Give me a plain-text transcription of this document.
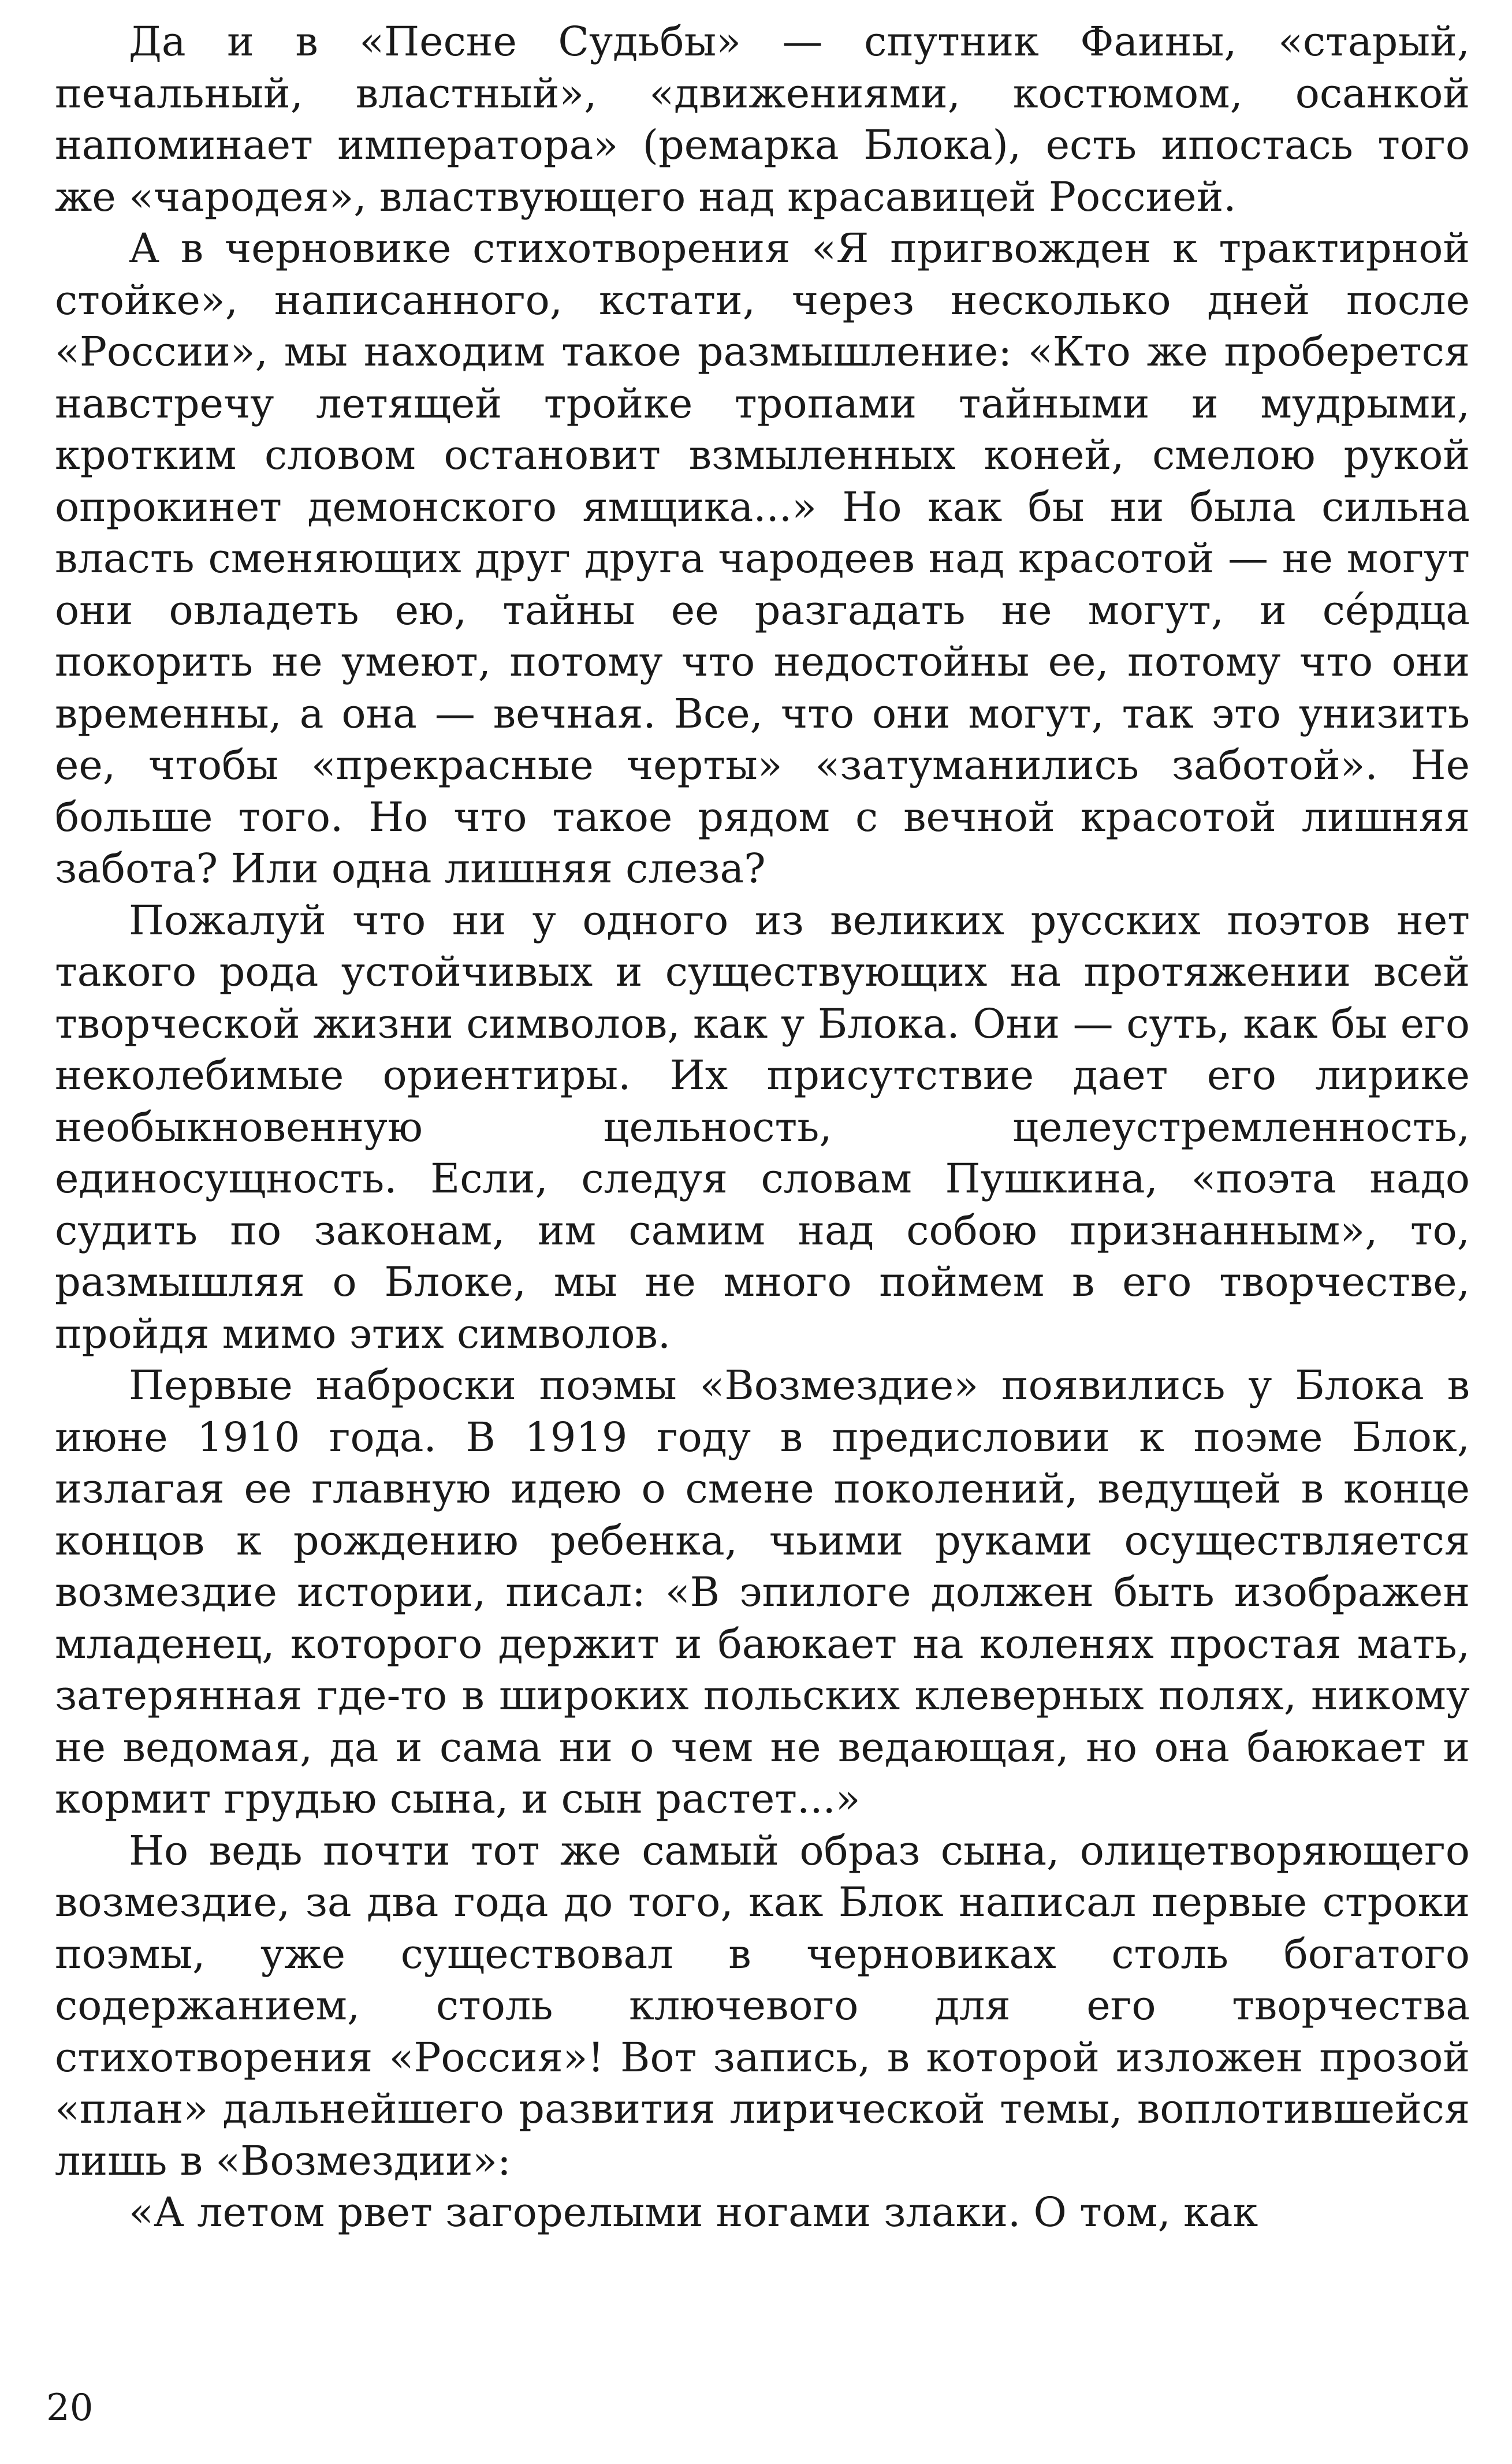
Да и в «Песне Судьбы» — спутник Фаины, «старый, печальный, властный», «движениями, костюмом, осанкой напоминает императора» (ремарка Блока), есть ипостась того же «чародея», властвующего над красавицей Россией.

А в черновике стихотворения «Я пригвожден к трактирной стойке», написанного, кстати, через несколько дней после «России», мы находим такое размышление: «Кто же проберется навстречу летящей тройке тропами тайными и мудрыми, кротким словом остановит взмыленных коней, смелою рукой опрокинет демонского ямщика...» Но как бы ни была сильна власть сменяющих друг друга чародеев над красотой — не могут они овладеть ею, тайны ее разгадать не могут, и се́рдца покорить не умеют, потому что недостойны ее, потому что они временны, а она — вечная. Все, что они могут, так это унизить ее, чтобы «прекрасные черты» «затуманились заботой». Не больше того. Но что такое рядом с вечной красотой лишняя забота? Или одна лишняя слеза?

Пожалуй что ни у одного из великих русских поэтов нет такого рода устойчивых и существующих на протяжении всей творческой жизни символов, как у Блока. Они — суть, как бы его неколебимые ориентиры. Их присутствие дает его лирике необыкновенную цельность, целеустремленность, единосущность. Если, следуя словам Пушкина, «поэта надо судить по законам, им самим над собою признанным», то, размышляя о Блоке, мы не много поймем в его творчестве, пройдя мимо этих символов.

Первые наброски поэмы «Возмездие» появились у Блока в июне 1910 года. В 1919 году в предисловии к поэме Блок, излагая ее главную идею о смене поколений, ведущей в конце концов к рождению ребенка, чьими руками осуществляется возмездие истории, писал: «В эпилоге должен быть изображен младенец, которого держит и баюкает на коленях простая мать, затерянная где-то в широких польских клеверных полях, никому не ведомая, да и сама ни о чем не ведающая, но она баюкает и кормит грудью сына, и сын растет...»

Но ведь почти тот же самый образ сына, олицетворяющего возмездие, за два года до того, как Блок написал первые строки поэмы, уже существовал в черновиках столь богатого содержанием, столь ключевого для его творчества стихотворения «Россия»! Вот запись, в которой изложен прозой «план» дальнейшего развития лирической темы, воплотившейся лишь в «Возмездии»:

«А летом рвет загорелыми ногами злаки. О том, как

20
